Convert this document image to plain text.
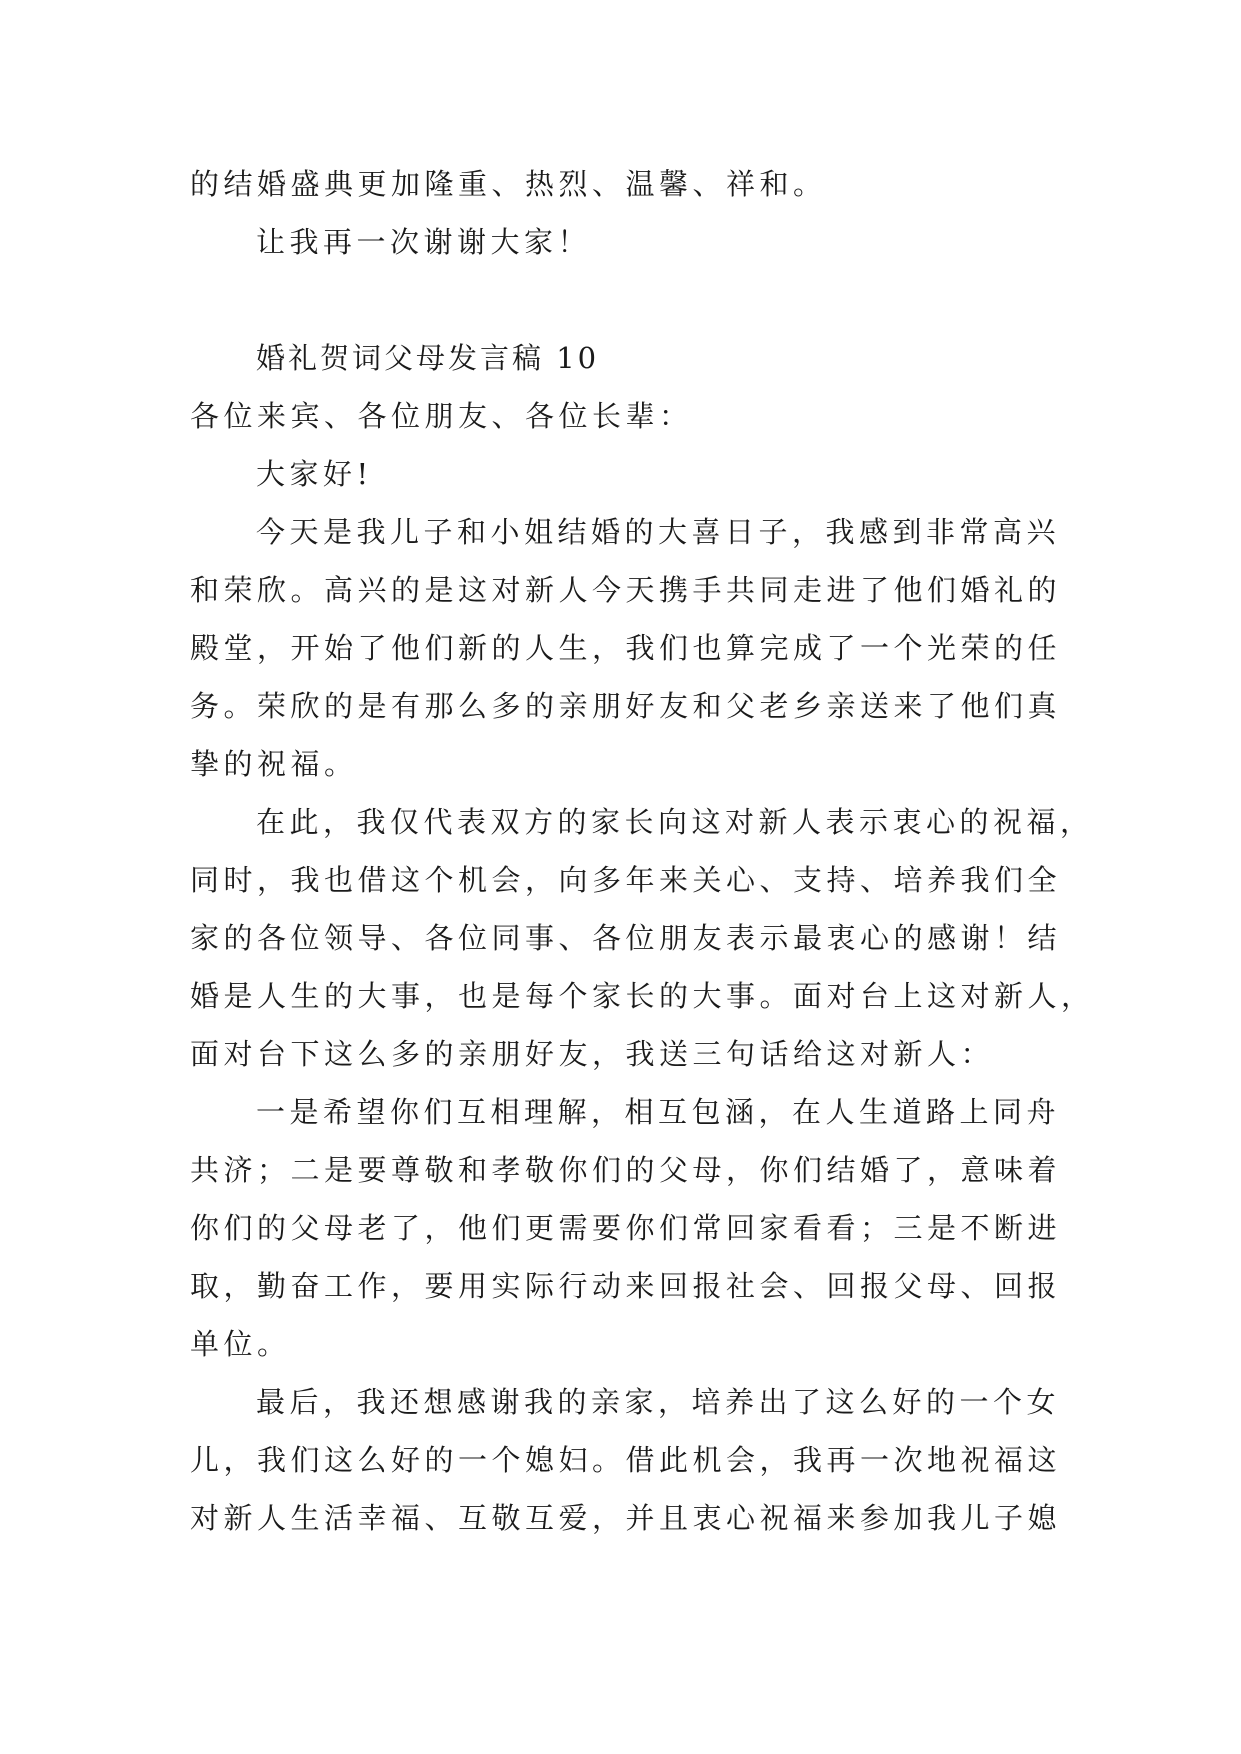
的结婚盛典更加隆重、热烈、温馨、祥和。

让我再一次谢谢大家！

婚礼贺词父母发言稿 10

各位来宾、各位朋友、各位长辈：

大家好!

今天是我儿子和小姐结婚的大喜日子，我感到非常高兴

和荣欣。高兴的是这对新人今天携手共同走进了他们婚礼的

殿堂，开始了他们新的人生，我们也算完成了一个光荣的任

务。荣欣的是有那么多的亲朋好友和父老乡亲送来了他们真

挚的祝福。

在此，我仅代表双方的家长向这对新人表示衷心的祝福，

同时，我也借这个机会，向多年来关心、支持、培养我们全

家的各位领导、各位同事、各位朋友表示最衷心的感谢！结

婚是人生的大事，也是每个家长的大事。面对台上这对新人，

面对台下这么多的亲朋好友，我送三句话给这对新人：

一是希望你们互相理解，相互包涵，在人生道路上同舟

共济；二是要尊敬和孝敬你们的父母，你们结婚了，意味着

你们的父母老了，他们更需要你们常回家看看；三是不断进

取，勤奋工作，要用实际行动来回报社会、回报父母、回报

单位。

最后，我还想感谢我的亲家，培养出了这么好的一个女

儿，我们这么好的一个媳妇。借此机会，我再一次地祝福这

对新人生活幸福、互敬互爱，并且衷心祝福来参加我儿子媳
